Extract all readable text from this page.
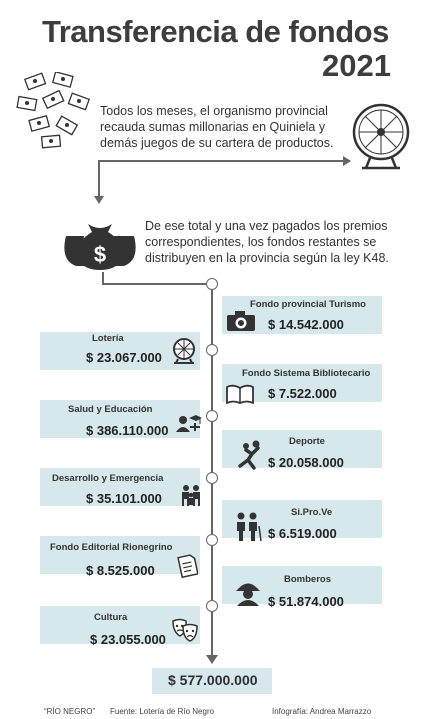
Transferencia de fondos
2021
Todos los meses, el organismo provincial recauda sumas millonarias en Quiniela y demás juegos de su cartera de productos.
$
De ese total y una vez pagados los premios correspondientes, los fondos restantes se distribuyen en la provincia según la ley K48.
Fondo provincial Turismo
$ 14.542.000
Fondo Sistema Bibliotecario
$ 7.522.000
Deporte
$ 20.058.000
Si.Pro.Ve
$ 6.519.000
Bomberos
$ 51.874.000
Lotería
$ 23.067.000
Salud y Educación
$ 386.110.000
Desarrollo y Emergencia
$ 35.101.000
Fondo Editorial Rionegrino
$ 8.525.000
Cultura
$ 23.055.000
$ 577.000.000
“RÍO NEGRO” Fuente: Lotería de Río Negro	Infografía: Andrea Marrazzo
